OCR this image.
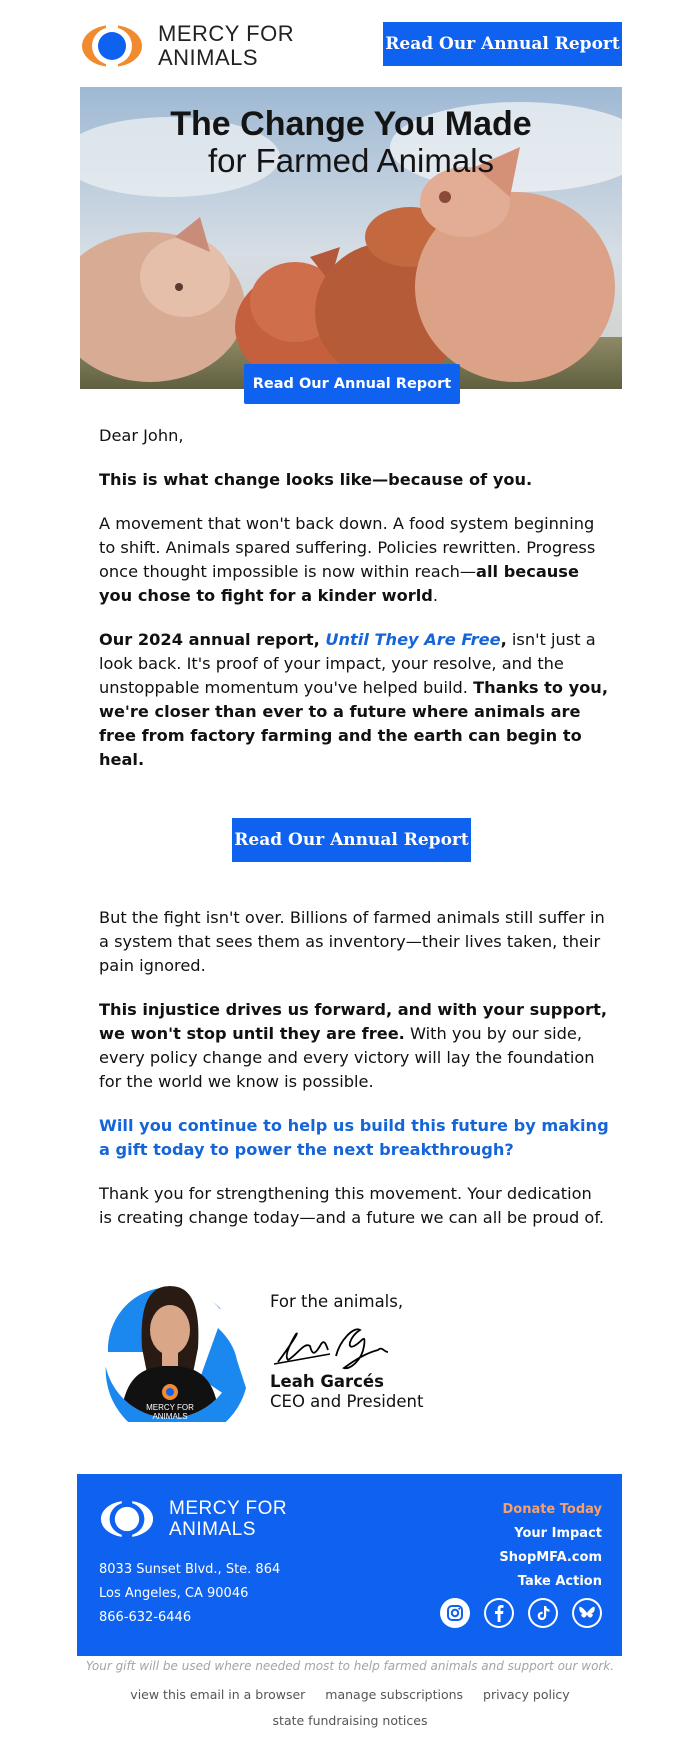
MERCY FOR
ANIMALS
Read Our Annual Report
The Change You Made
for Farmed Animals
Read Our Annual Report

Dear John,

This is what change looks like—because of you.

A movement that won't back down. A food system beginning to shift. Animals spared suffering. Policies rewritten. Progress once thought impossible is now within reach—all because you chose to fight for a kinder world.

Our 2024 annual report, Until They Are Free, isn't just a look back. It's proof of your impact, your resolve, and the unstoppable momentum you've helped build. Thanks to you, we're closer than ever to a future where animals are free from factory farming and the earth can begin to heal.

Read Our Annual Report

But the fight isn't over. Billions of farmed animals still suffer in a system that sees them as inventory—their lives taken, their pain ignored.

This injustice drives us forward, and with your support, we won't stop until they are free. With you by our side, every policy change and every victory will lay the foundation for the world we know is possible.

Will you continue to help us build this future by making a gift today to power the next breakthrough?

Thank you for strengthening this movement. Your dedication is creating change today—and a future we can all be proud of.

MERCY FOR
ANIMALS
For the animals,
Leah Garcés
CEO and President
MERCY FOR
ANIMALS
8033 Sunset Blvd., Ste. 864
Los Angeles, CA 90046
866-632-6446
Donate Today
Your Impact
ShopMFA.com
Take Action
Your gift will be used where needed most to help farmed animals and support our work.
view this email in a browser manage subscriptions privacy policy
state fundraising notices
